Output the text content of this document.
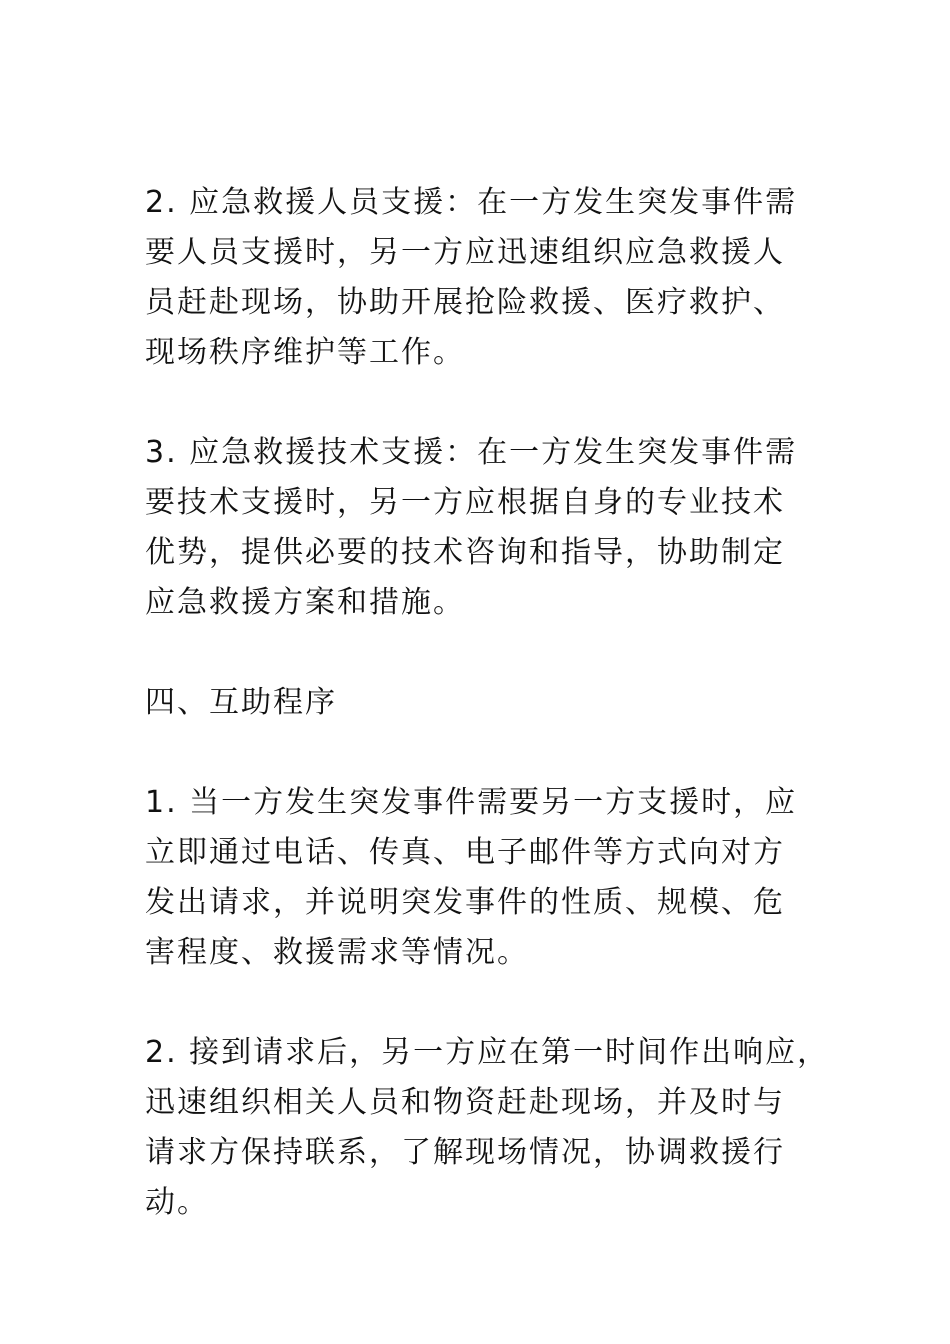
2. 应急救援人员支援：在一方发生突发事件需
要人员支援时，另一方应迅速组织应急救援人
员赶赴现场，协助开展抢险救援、医疗救护、
现场秩序维护等工作。

3. 应急救援技术支援：在一方发生突发事件需
要技术支援时，另一方应根据自身的专业技术
优势，提供必要的技术咨询和指导，协助制定
应急救援方案和措施。

四、互助程序

1. 当一方发生突发事件需要另一方支援时，应
立即通过电话、传真、电子邮件等方式向对方
发出请求，并说明突发事件的性质、规模、危
害程度、救援需求等情况。

2. 接到请求后，另一方应在第一时间作出响应，
迅速组织相关人员和物资赶赴现场，并及时与
请求方保持联系，了解现场情况，协调救援行
动。
